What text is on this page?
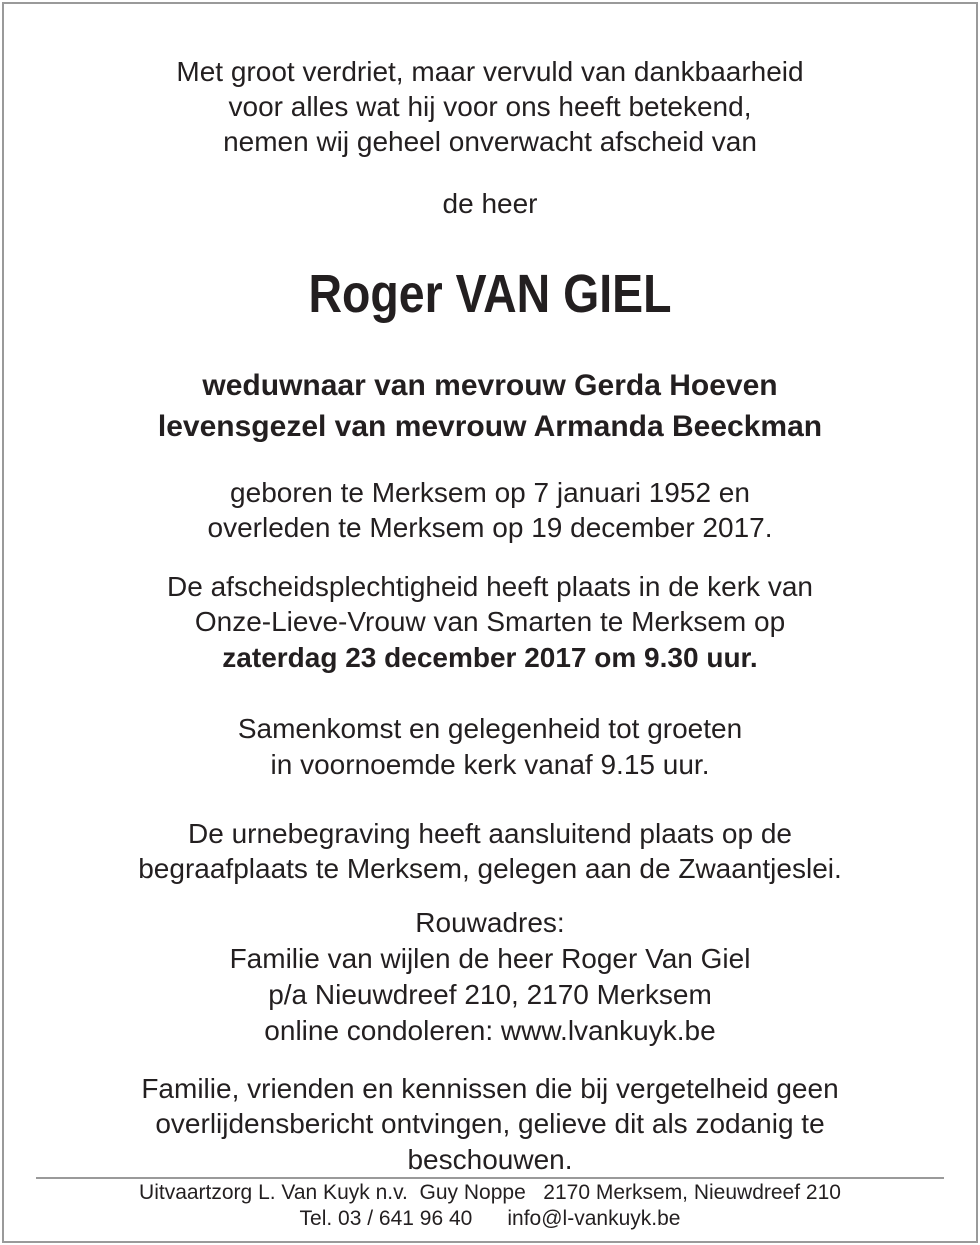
Met groot verdriet, maar vervuld van dankbaarheid
voor alles wat hij voor ons heeft betekend,
nemen wij geheel onverwacht afscheid van
de heer
Roger VAN GIEL
weduwnaar van mevrouw Gerda Hoeven
levensgezel van mevrouw Armanda Beeckman
geboren te Merksem op 7 januari 1952 en
overleden te Merksem op 19 december 2017.
De afscheidsplechtigheid heeft plaats in de kerk van
Onze-Lieve-Vrouw van Smarten te Merksem op
zaterdag 23 december 2017 om 9.30 uur.
Samenkomst en gelegenheid tot groeten
in voornoemde kerk vanaf 9.15 uur.
De urnebegraving heeft aansluitend plaats op de
begraafplaats te Merksem, gelegen aan de Zwaantjeslei.
Rouwadres:
Familie van wijlen de heer Roger Van Giel
p/a Nieuwdreef 210, 2170 Merksem
online condoleren: www.lvankuyk.be
Familie, vrienden en kennissen die bij vergetelheid geen
overlijdensbericht ontvingen, gelieve dit als zodanig te
beschouwen.
Uitvaartzorg L. Van Kuyk n.v. Guy Noppe 2170 Merksem, Nieuwdreef 210
Tel. 03 / 641 96 40 info@l-vankuyk.be
